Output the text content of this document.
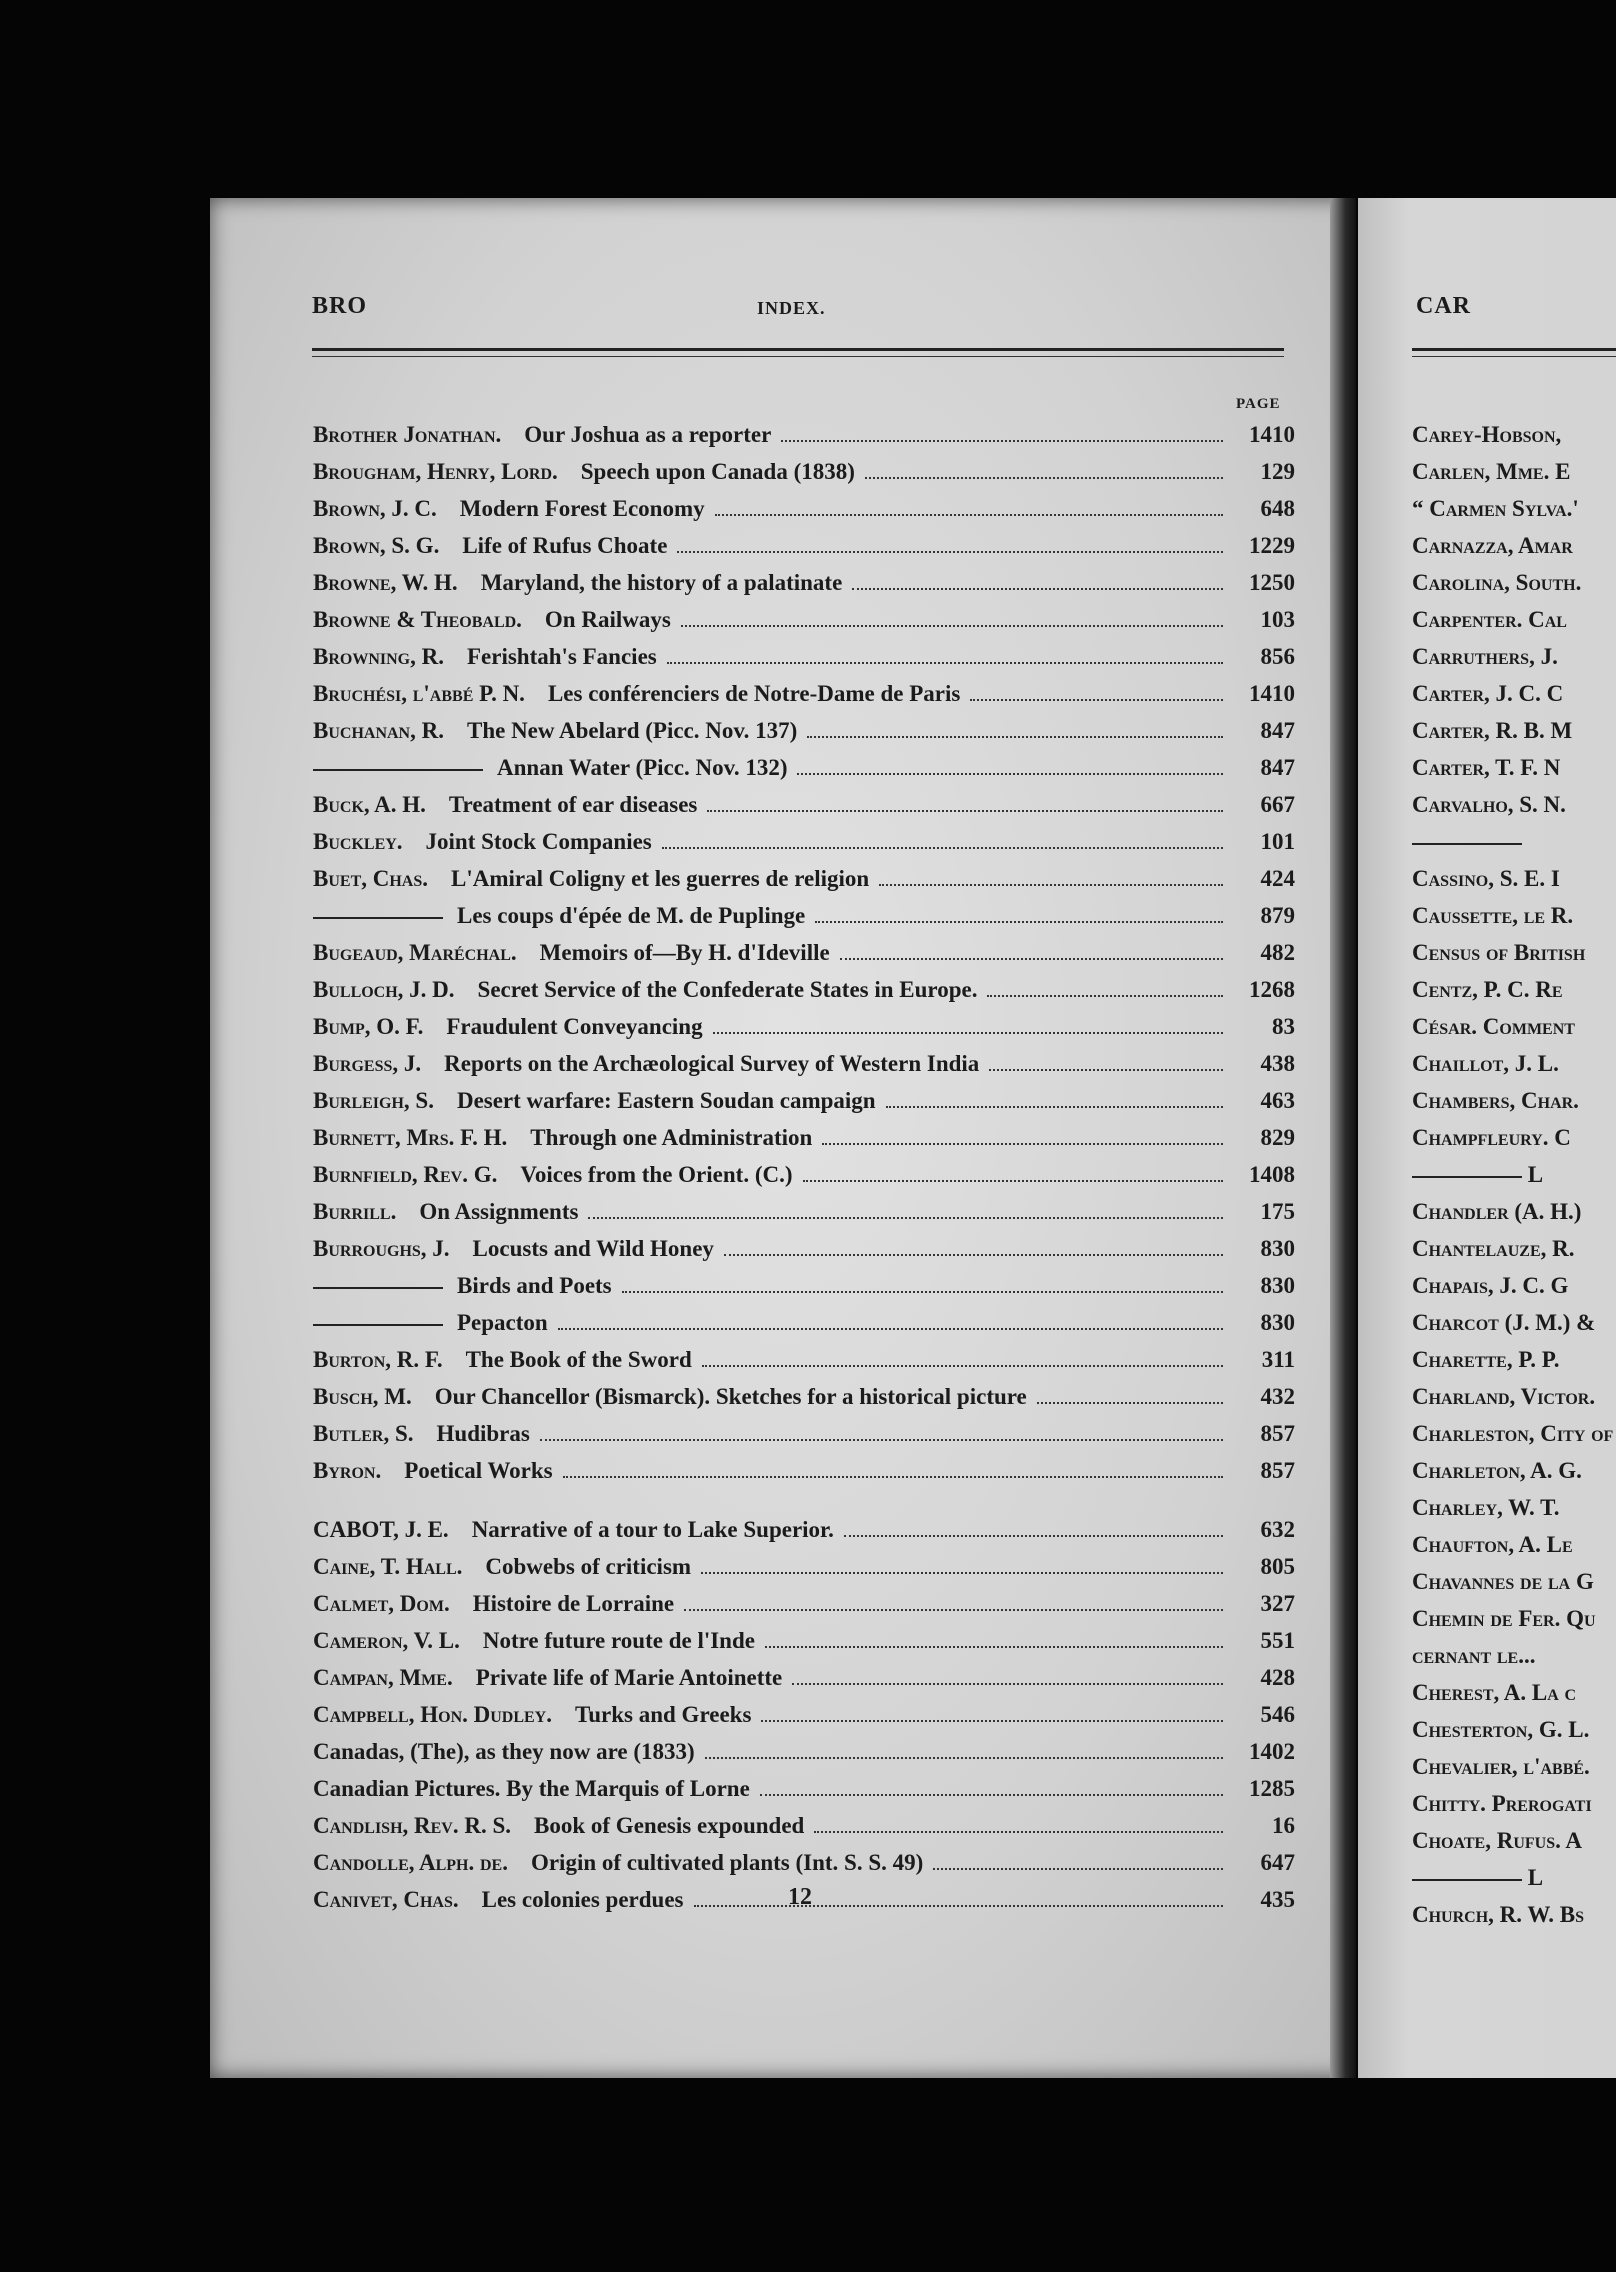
BRO	INDEX.	CAR
PAGE
Brother Jonathan.  Our Joshua as a reporter	1410
Brougham, Henry, Lord.  Speech upon Canada (1838)	129
Brown, J. C.  Modern Forest Economy	648
Brown, S. G.  Life of Rufus Choate	1229
Browne, W. H.  Maryland, the history of a palatinate	1250
Browne & Theobald.  On Railways	103
Browning, R.  Ferishtah's Fancies	856
Bruchési, l'abbé P. N.  Les conférenciers de Notre-Dame de Paris	1410
Buchanan, R.  The New Abelard (Picc. Nov. 137)	847
Annan Water (Picc. Nov. 132)	847
Buck, A. H.  Treatment of ear diseases	667
Buckley.  Joint Stock Companies	101
Buet, Chas.  L'Amiral Coligny et les guerres de religion	424
Les coups d'épée de M. de Puplinge	879
Bugeaud, Maréchal.  Memoirs of—By H. d'Ideville	482
Bulloch, J. D.  Secret Service of the Confederate States in Europe.	1268
Bump, O. F.  Fraudulent Conveyancing	83
Burgess, J.  Reports on the Archæological Survey of Western India	438
Burleigh, S.  Desert warfare: Eastern Soudan campaign	463
Burnett, Mrs. F. H.  Through one Administration	829
Burnfield, Rev. G.  Voices from the Orient. (C.)	1408
Burrill.  On Assignments	175
Burroughs, J.  Locusts and Wild Honey	830
Birds and Poets	830
Pepacton	830
Burton, R. F.  The Book of the Sword	311
Busch, M.  Our Chancellor (Bismarck). Sketches for a historical picture	432
Butler, S.  Hudibras	857
Byron.  Poetical Works	857
CABOT, J. E.  Narrative of a tour to Lake Superior.	632
Caine, T. Hall.  Cobwebs of criticism	805
Calmet, Dom.  Histoire de Lorraine	327
Cameron, V. L.  Notre future route de l'Inde	551
Campan, Mme.  Private life of Marie Antoinette	428
Campbell, Hon. Dudley.  Turks and Greeks	546
Canadas, (The), as they now are (1833)	1402
Canadian Pictures. By the Marquis of Lorne	1285
Candlish, Rev. R. S.  Book of Genesis expounded	16
Candolle, Alph. de.  Origin of cultivated plants (Int. S. S. 49)	647
Canivet, Chas.  Les colonies perdues	435
Carey-Hobson,
Carlen, Mme. E
“ Carmen Sylva.'
Carnazza, Amar
Carolina, South.
Carpenter. Cal
Carruthers, J.
Carter, J. C. C
Carter, R. B. M
Carter, T. F. N
Carvalho, S. N.
Cassino, S. E. I
Caussette, le R.
Census of British
Centz, P. C. Re
César. Comment
Chaillot, J. L.
Chambers, Char.
Champfleury. C
L
Chandler (A. H.)
Chantelauze, R.
Chapais, J. C. G
Charcot (J. M.) &
Charette, P. P.
Charland, Victor.
Charleston, City of
Charleton, A. G.
Charley, W. T.
Chaufton, A. Le
Chavannes de la G
Chemin de Fer. Qu
cernant le...
Cherest, A. La c
Chesterton, G. L.
Chevalier, l'abbé.
Chitty. Prerogati
Choate, Rufus. A
L
Church, R. W. Bs
12
